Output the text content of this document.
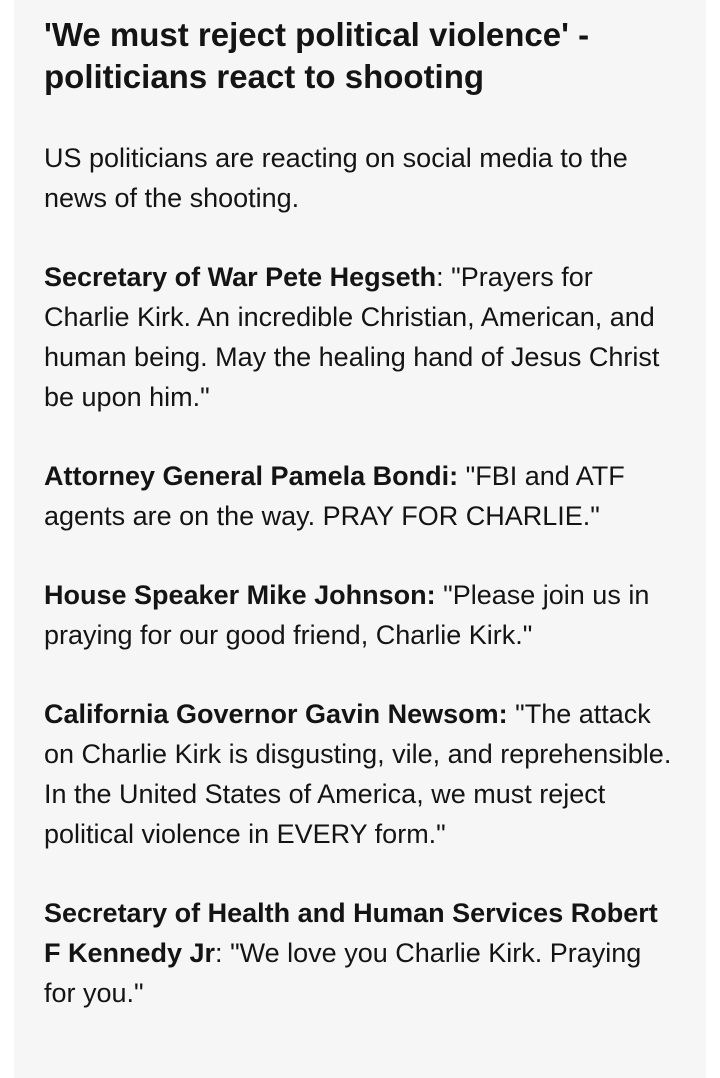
'We must reject political violence' - politicians react to shooting

US politicians are reacting on social media to the news of the shooting.

Secretary of War Pete Hegseth: "Prayers for Charlie Kirk. An incredible Christian, American, and human being. May the healing hand of Jesus Christ be upon him."

Attorney General Pamela Bondi: "FBI and ATF agents are on the way. PRAY FOR CHARLIE."

House Speaker Mike Johnson: "Please join us in praying for our good friend, Charlie Kirk."

California Governor Gavin Newsom: "The attack on Charlie Kirk is disgusting, vile, and reprehensible. In the United States of America, we must reject political violence in EVERY form."

Secretary of Health and Human Services Robert F Kennedy Jr: "We love you Charlie Kirk. Praying for you."
